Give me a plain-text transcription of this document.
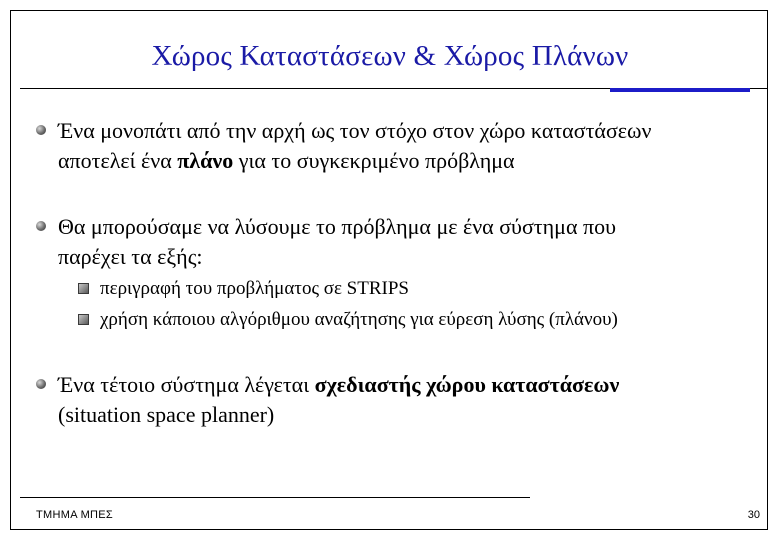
Χώρος Καταστάσεων & Χώρος Πλάνων
Ένα μονοπάτι από την αρχή ως τον στόχο στον χώρο καταστάσεων
αποτελεί ένα πλάνο για το συγκεκριμένο πρόβλημα
Θα μπορούσαμε να λύσουμε το πρόβλημα με ένα σύστημα που
παρέχει τα εξής:
περιγραφή του προβλήματος σε STRIPS
χρήση κάποιου αλγόριθμου αναζήτησης για εύρεση λύσης (πλάνου)
Ένα τέτοιο σύστημα λέγεται σχεδιαστής χώρου καταστάσεων
(situation space planner)
ΤΜΗΜΑ ΜΠΕΣ	30
